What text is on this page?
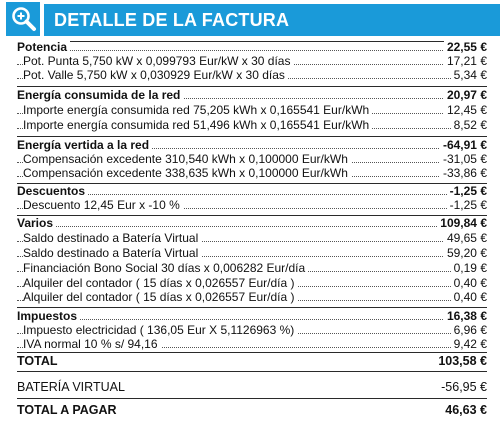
DETALLE DE LA FACTURA
Potencia	22,55 €
Pot. Punta 5,750 kW x 0,099793 Eur/kW x 30 días	17,21 €
Pot. Valle 5,750 kW x 0,030929 Eur/kW x 30 días	5,34 €
Energía consumida de la red	20,97 €
Importe energía consumida red 75,205 kWh x 0,165541 Eur/kWh	12,45 €
Importe energía consumida red 51,496 kWh x 0,165541 Eur/kWh	8,52 €
Energía vertida a la red	-64,91 €
Compensación excedente 310,540 kWh x 0,100000 Eur/kWh	-31,05 €
Compensación excedente 338,635 kWh x 0,100000 Eur/kWh	-33,86 €
Descuentos	-1,25 €
Descuento 12,45 Eur x -10 %	-1,25 €
Varios	109,84 €
Saldo destinado a Batería Virtual	49,65 €
Saldo destinado a Batería Virtual	59,20 €
Financiación Bono Social 30 días x 0,006282 Eur/día	0,19 €
Alquiler del contador ( 15 días x 0,026557 Eur/día )	0,40 €
Alquiler del contador ( 15 días x 0,026557 Eur/día )	0,40 €
Impuestos	16,38 €
Impuesto electricidad ( 136,05 Eur X 5,1126963 %)	6,96 €
IVA normal 10 % s/ 94,16	9,42 €
TOTAL	103,58 €
BATERÍA VIRTUAL	-56,95 €
TOTAL A PAGAR	46,63 €
